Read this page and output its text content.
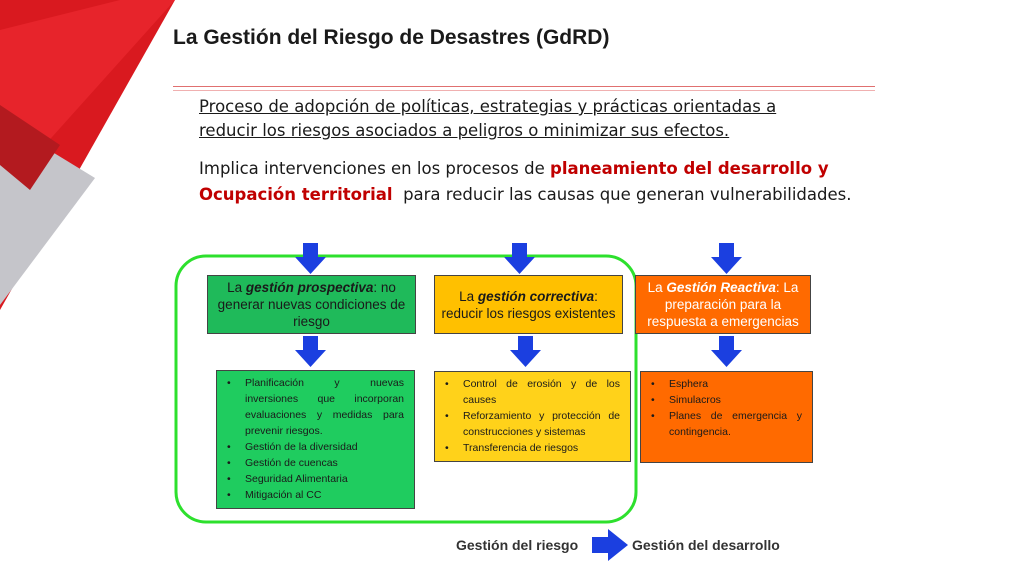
La Gestión del Riesgo de Desastres (GdRD)
Proceso de adopción de políticas, estrategias y prácticas orientadas a reducir los riesgos asociados a peligros o minimizar sus efectos.
Implica intervenciones en los procesos de planeamiento del desarrollo y
Ocupación territorial  para reducir las causas que generan vulnerabilidades.
La gestión prospectiva: no generar nuevas condiciones de riesgo
La gestión correctiva: reducir los riesgos existentes
La Gestión Reactiva: La preparación para la respuesta a emergencias
• Planificación y nuevas inversiones que incorporan evaluaciones y medidas para prevenir riesgos.
• Gestión de la diversidad
• Gestión de cuencas
• Seguridad Alimentaria
• Mitigación al CC
• Control de erosión y de los causes
• Reforzamiento y protección de construcciones y sistemas
• Transferencia de riesgos
• Esphera
• Simulacros
• Planes de emergencia y contingencia.
Gestión del riesgo	Gestión del desarrollo
